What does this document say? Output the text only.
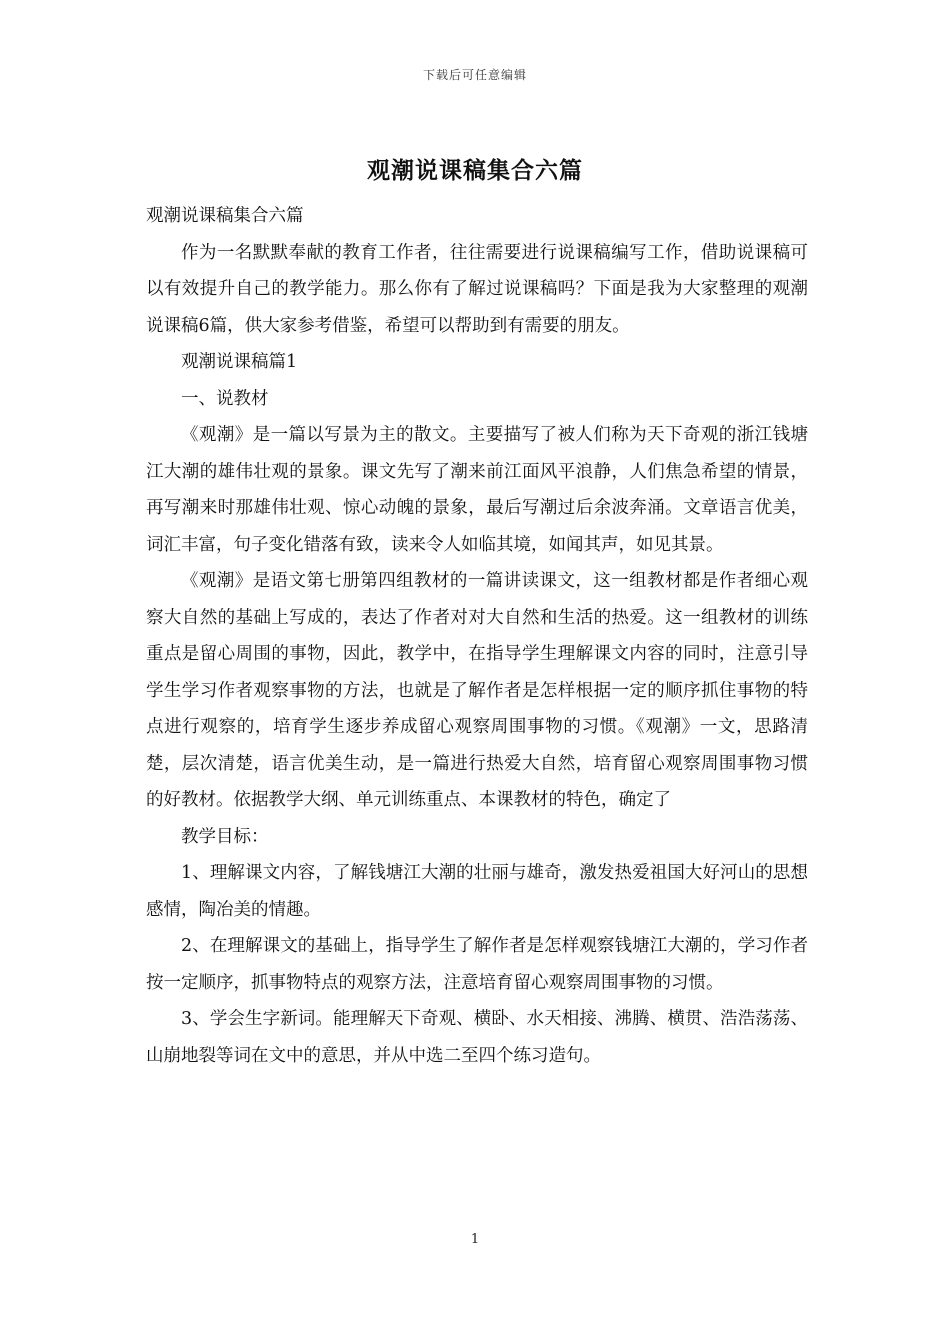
下载后可任意编辑
观潮说课稿集合六篇

观潮说课稿集合六篇

作为一名默默奉献的教育工作者，往往需要进行说课稿编写工作，借助说课稿可以有效提升自己的教学能力。那么你有了解过说课稿吗？下面是我为大家整理的观潮说课稿6篇，供大家参考借鉴，希望可以帮助到有需要的朋友。

观潮说课稿篇1

一、说教材

《观潮》是一篇以写景为主的散文。主要描写了被人们称为天下奇观的浙江钱塘江大潮的雄伟壮观的景象。课文先写了潮来前江面风平浪静，人们焦急希望的情景，再写潮来时那雄伟壮观、惊心动魄的景象，最后写潮过后余波奔涌。文章语言优美，词汇丰富，句子变化错落有致，读来令人如临其境，如闻其声，如见其景。

《观潮》是语文第七册第四组教材的一篇讲读课文，这一组教材都是作者细心观察大自然的基础上写成的，表达了作者对对大自然和生活的热爱。这一组教材的训练重点是留心周围的事物，因此，教学中，在指导学生理解课文内容的同时，注意引导学生学习作者观察事物的方法，也就是了解作者是怎样根据一定的顺序抓住事物的特点进行观察的，培育学生逐步养成留心观察周围事物的习惯。《观潮》一文，思路清楚，层次清楚，语言优美生动，是一篇进行热爱大自然，培育留心观察周围事物习惯的好教材。依据教学大纲、单元训练重点、本课教材的特色，确定了

教学目标：

1、理解课文内容，了解钱塘江大潮的壮丽与雄奇，激发热爱祖国大好河山的思想感情，陶冶美的情趣。

2、在理解课文的基础上，指导学生了解作者是怎样观察钱塘江大潮的，学习作者按一定顺序，抓事物特点的观察方法，注意培育留心观察周围事物的习惯。

3、学会生字新词。能理解天下奇观、横卧、水天相接、沸腾、横贯、浩浩荡荡、山崩地裂等词在文中的意思，并从中选二至四个练习造句。

1
